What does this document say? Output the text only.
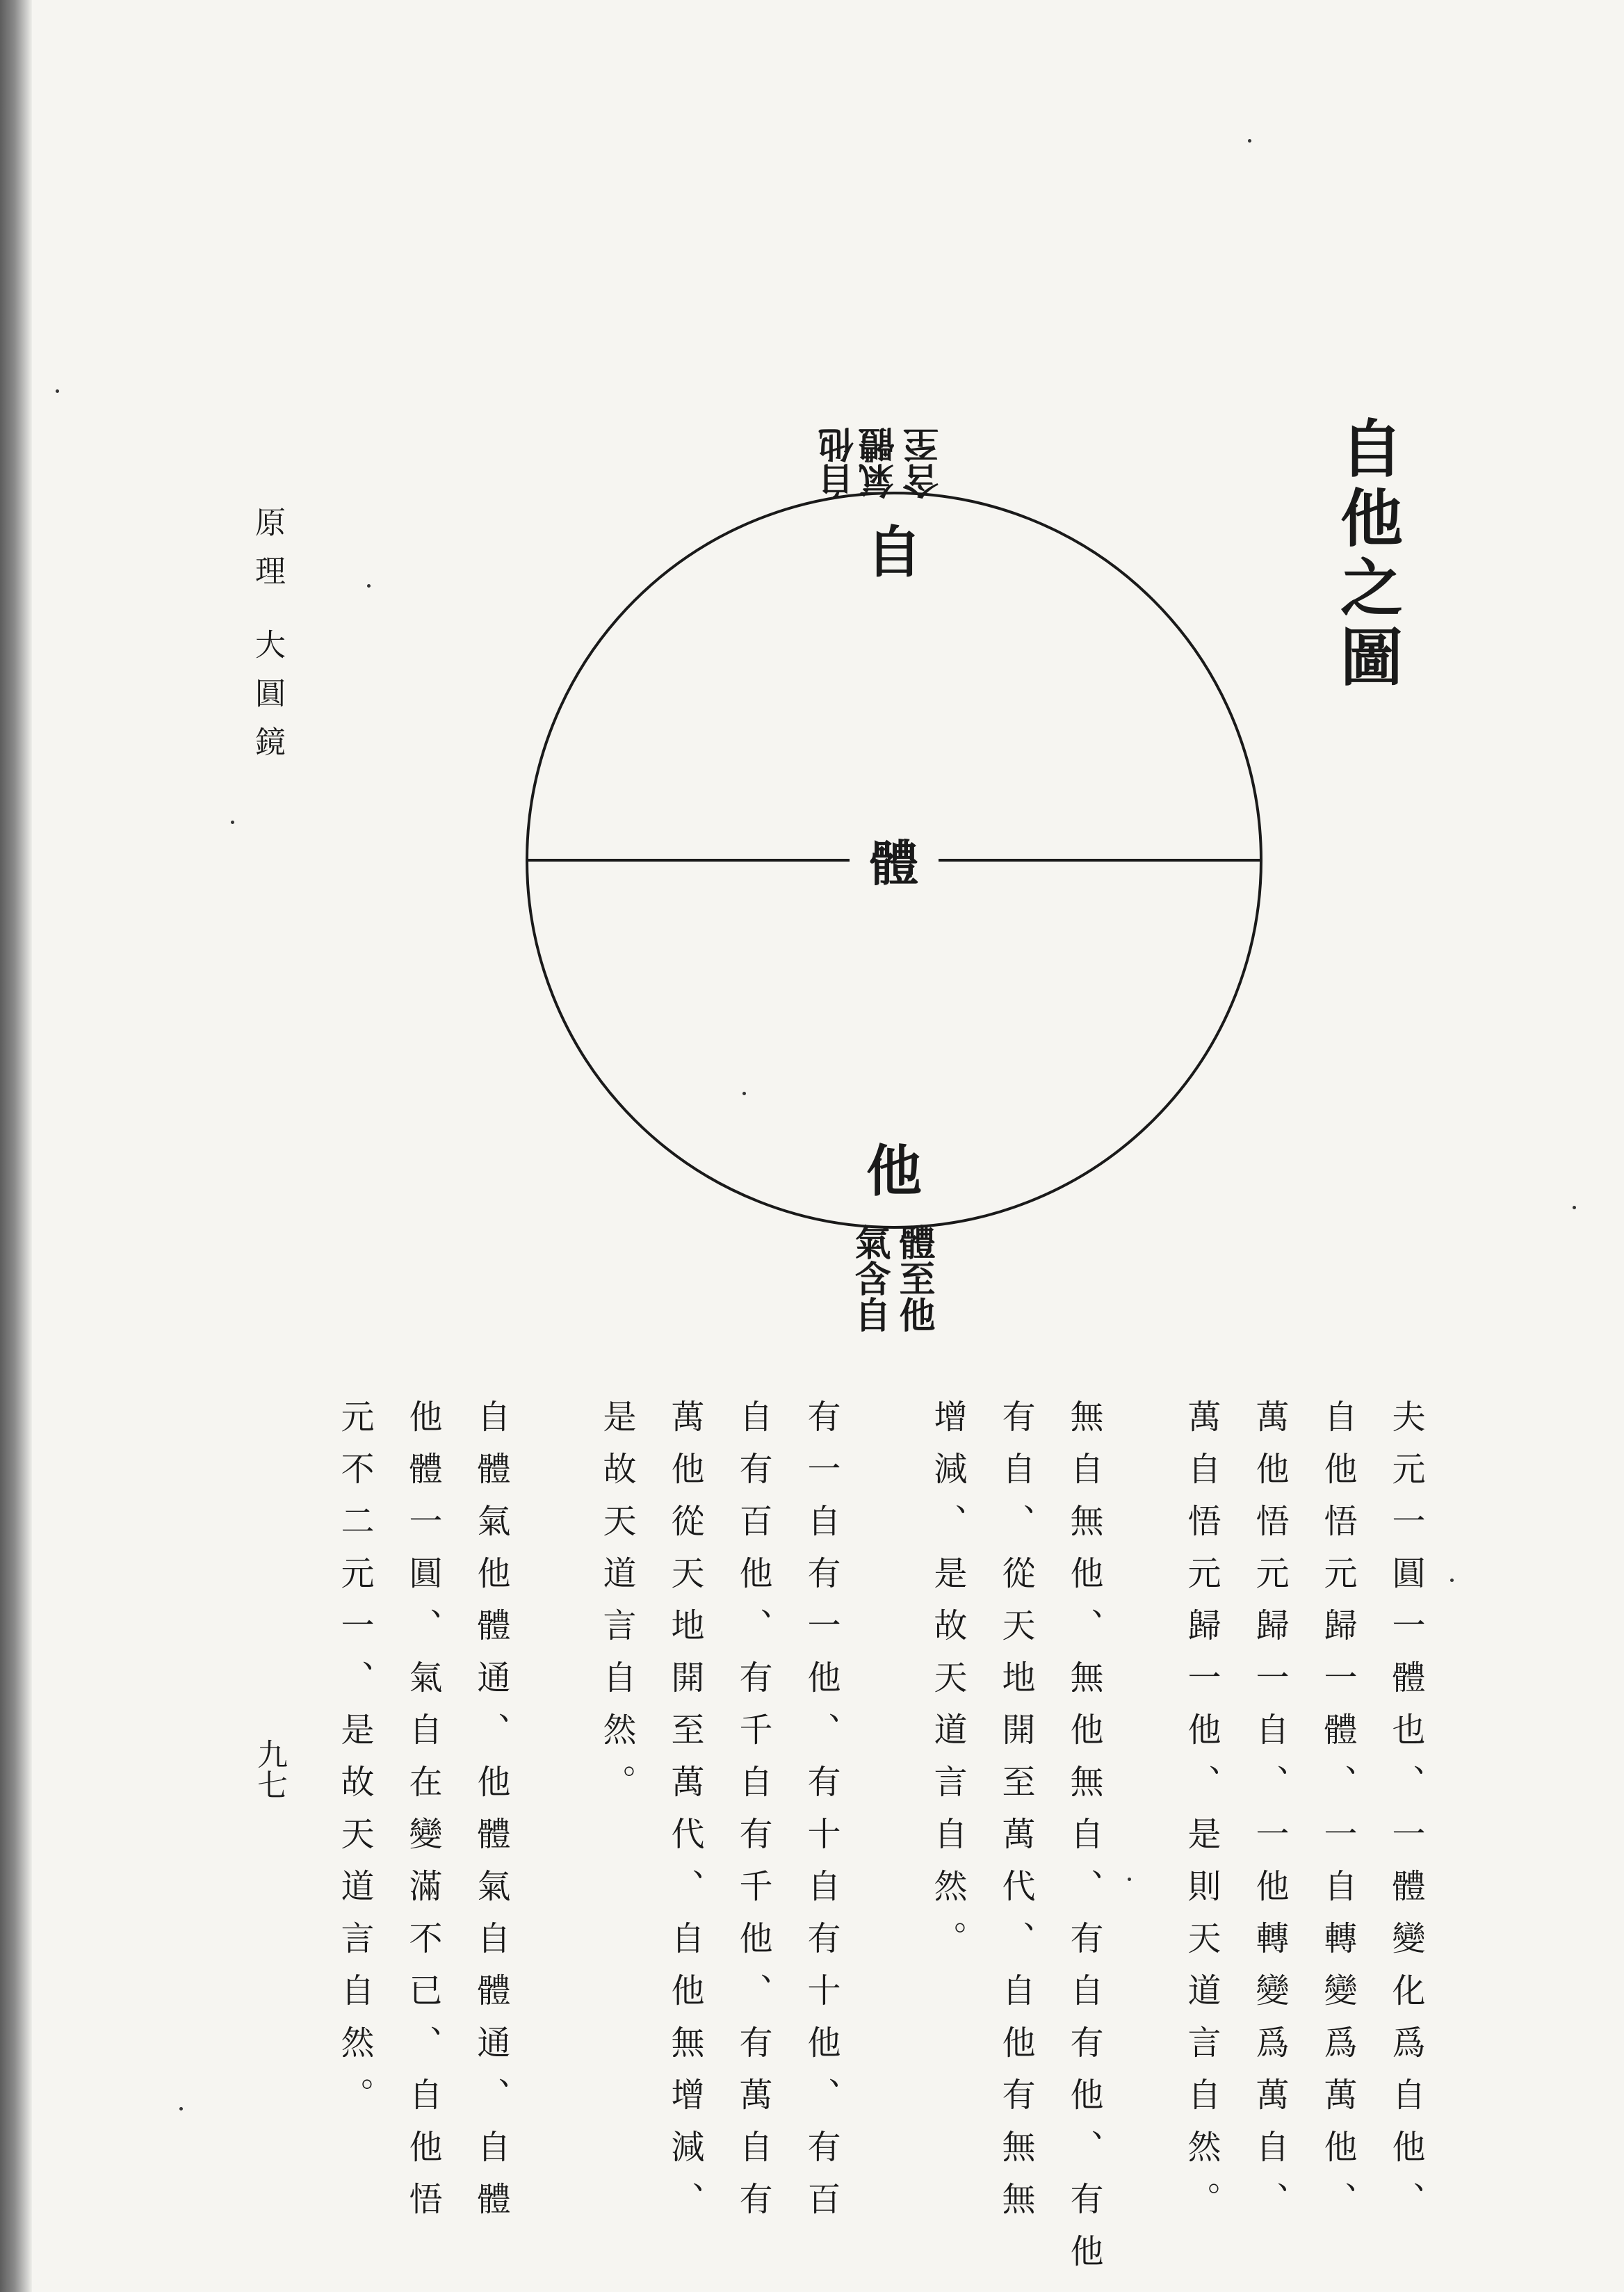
原理大圓鏡
九七
自他之圖
自
體
他
氣體 含至
自他
體至他
氣含自
夫元一圓一體也、一體變化爲自他、
自他悟元歸一體、一自轉變爲萬他、
萬他悟元歸一自、一他轉變爲萬自、
萬自悟元歸一他、是則天道言自然。
無自無他、無他無自、有自有他、有他
有自、從天地開至萬代、自他有無無
增減、是故天道言自然。
有一自有一他、有十自有十他、有百
自有百他、有千自有千他、有萬自有
萬他從天地開至萬代、自他無增減、
是故天道言自然。
自體氣他體通、他體氣自體通、自體
他體一圓、氣自在變滿不已、自他悟
元不二元一、是故天道言自然。
